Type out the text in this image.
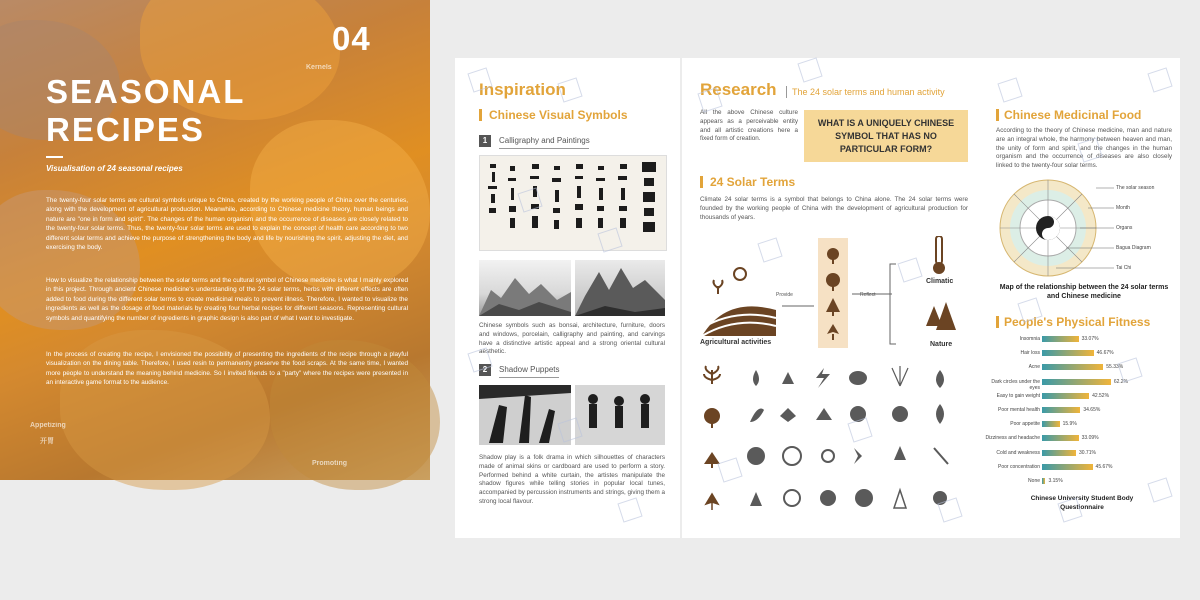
Kernels
Appetizing
开胃
Promoting
04
SEASONAL RECIPES
Visualisation of 24 seasonal recipes
The twenty-four solar terms are cultural symbols unique to China, created by the working people of China over the centuries, along with the development of agricultural production. Meanwhile, according to Chinese medicine theory, human beings and nature are "one in form and spirit". The changes of the human organism and the occurrence of diseases are closely related to the twenty-four solar terms. Thus, the twenty-four solar terms are used to explain the concept of health care according to two different solar terms and achieve the purpose of strengthening the body and life by nourishing the spirit, adjusting the diet, and exercising the body.
How to visualize the relationship between the solar terms and the cultural symbol of Chinese medicine is what I mainly explored in this project. Through ancient Chinese medicine's understanding of the 24 solar terms, herbs with different effects are often added to food during the different solar terms to create medicinal meals to prevent illness. Therefore, I wanted to visualize the ingredients as well as the dosage of food materials by creating four herbal recipes for different seasons. Representing cultural symbols and quantifying the number of ingredients in graphic design is also part of what I want to investigate.
In the process of creating the recipe, I envisioned the possibility of presenting the ingredients of the recipe through a playful visualization on the dining table. Therefore, I used resin to permanently preserve the food scraps. At the same time, I wanted more people to understand the meaning behind medicine. So I invited friends to a "party" where the recipes were presented in an interactive game format to the audience.
Inspiration
Chinese Visual Symbols
1	Calligraphy and Paintings
Chinese symbols such as bonsai, architecture, furniture, doors and windows, porcelain, calligraphy and painting, and carvings have a distinctive artistic appeal and a strong oriental cultural aesthetic.
2	Shadow Puppets
Shadow play is a folk drama in which silhouettes of characters made of animal skins or cardboard are used to perform a story. Performed behind a white curtain, the artistes manipulate the shadow figures while telling stories in popular local tunes, accompanied by percussion instruments and strings, giving them a strong local flavour.
Research The 24 solar terms and human activity
All the above Chinese culture appears as a perceivable entity and all artistic creations here a fixed form of creation.
WHAT IS A UNIQUELY CHINESE SYMBOL THAT HAS NO PARTICULAR FORM?
24 Solar Terms
Climate 24 solar terms is a symbol that belongs to China alone. The 24 solar terms were founded by the working people of China with the development of agricultural production for thousands of years.
Provide	Reflect
Agricultural activities
Climatic
Nature
Chinese Medicinal Food
According to the theory of Chinese medicine, man and nature are an integral whole, the harmony between heaven and man, the unity of form and spirit, and the changes in the human organism and the occurrence of diseases are also closely linked to the twenty-four solar terms.
The solar season
Month
Organs
Bagua Diagram
Tai Chi
Map of the relationship between the 24 solar terms and Chinese medicine
People's Physical Fitness
Insomnia	33.07%
Hair loss	46.67%
Acne	55.33%
Dark circles under the eyes
62.2%
Easy to gain weight	42.52%
Poor mental health	34.65%
Poor appetite	15.9%
Dizziness and headache	33.09%
Cold and weakness	30.71%
Poor concentration	45.67%
None 3.15%
Chinese University Student Body Questionnaire
